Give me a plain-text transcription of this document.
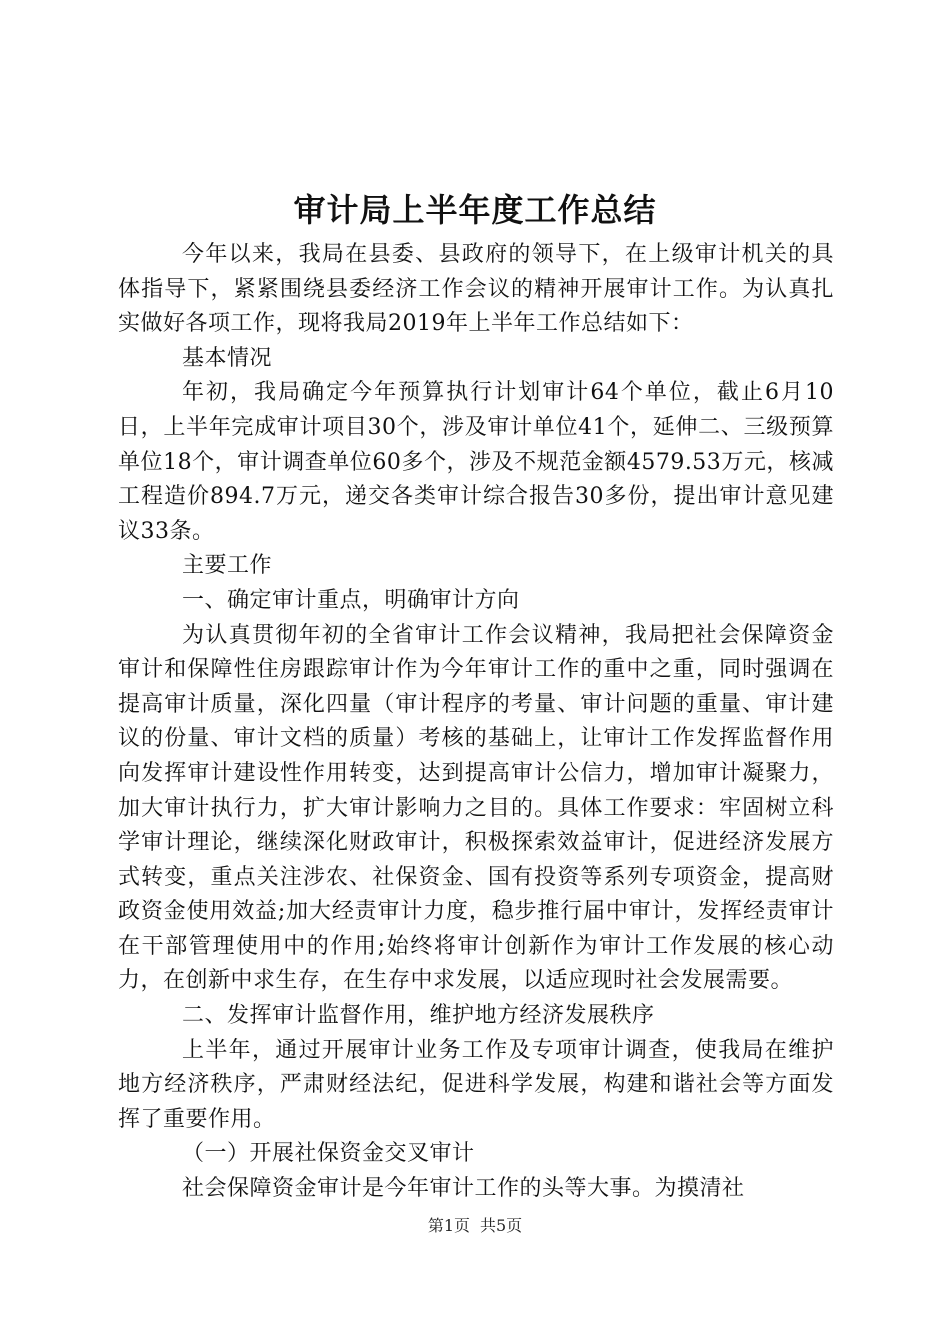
审计局上半年度工作总结

今年以来，我局在县委、县政府的领导下，在上级审计机关的具体指导下，紧紧围绕县委经济工作会议的精神开展审计工作。为认真扎实做好各项工作，现将我局2019年上半年工作总结如下：

基本情况

年初，我局确定今年预算执行计划审计64个单位，截止6月10日，上半年完成审计项目30个，涉及审计单位41个，延伸二、三级预算单位18个，审计调查单位60多个，涉及不规范金额4579.53万元，核减工程造价894.7万元，递交各类审计综合报告30多份，提出审计意见建议33条。

主要工作

一、确定审计重点，明确审计方向

为认真贯彻年初的全省审计工作会议精神，我局把社会保障资金审计和保障性住房跟踪审计作为今年审计工作的重中之重，同时强调在提高审计质量，深化四量（审计程序的考量、审计问题的重量、审计建议的份量、审计文档的质量）考核的基础上，让审计工作发挥监督作用向发挥审计建设性作用转变，达到提高审计公信力，增加审计凝聚力，加大审计执行力，扩大审计影响力之目的。具体工作要求：牢固树立科学审计理论，继续深化财政审计，积极探索效益审计，促进经济发展方式转变，重点关注涉农、社保资金、国有投资等系列专项资金，提高财政资金使用效益;加大经责审计力度，稳步推行届中审计，发挥经责审计在干部管理使用中的作用;始终将审计创新作为审计工作发展的核心动力，在创新中求生存，在生存中求发展，以适应现时社会发展需要。

二、发挥审计监督作用，维护地方经济发展秩序

上半年，通过开展审计业务工作及专项审计调查，使我局在维护地方经济秩序，严肃财经法纪，促进科学发展，构建和谐社会等方面发挥了重要作用。

（一）开展社保资金交叉审计

社会保障资金审计是今年审计工作的头等大事。为摸清社

第1页 共5页
